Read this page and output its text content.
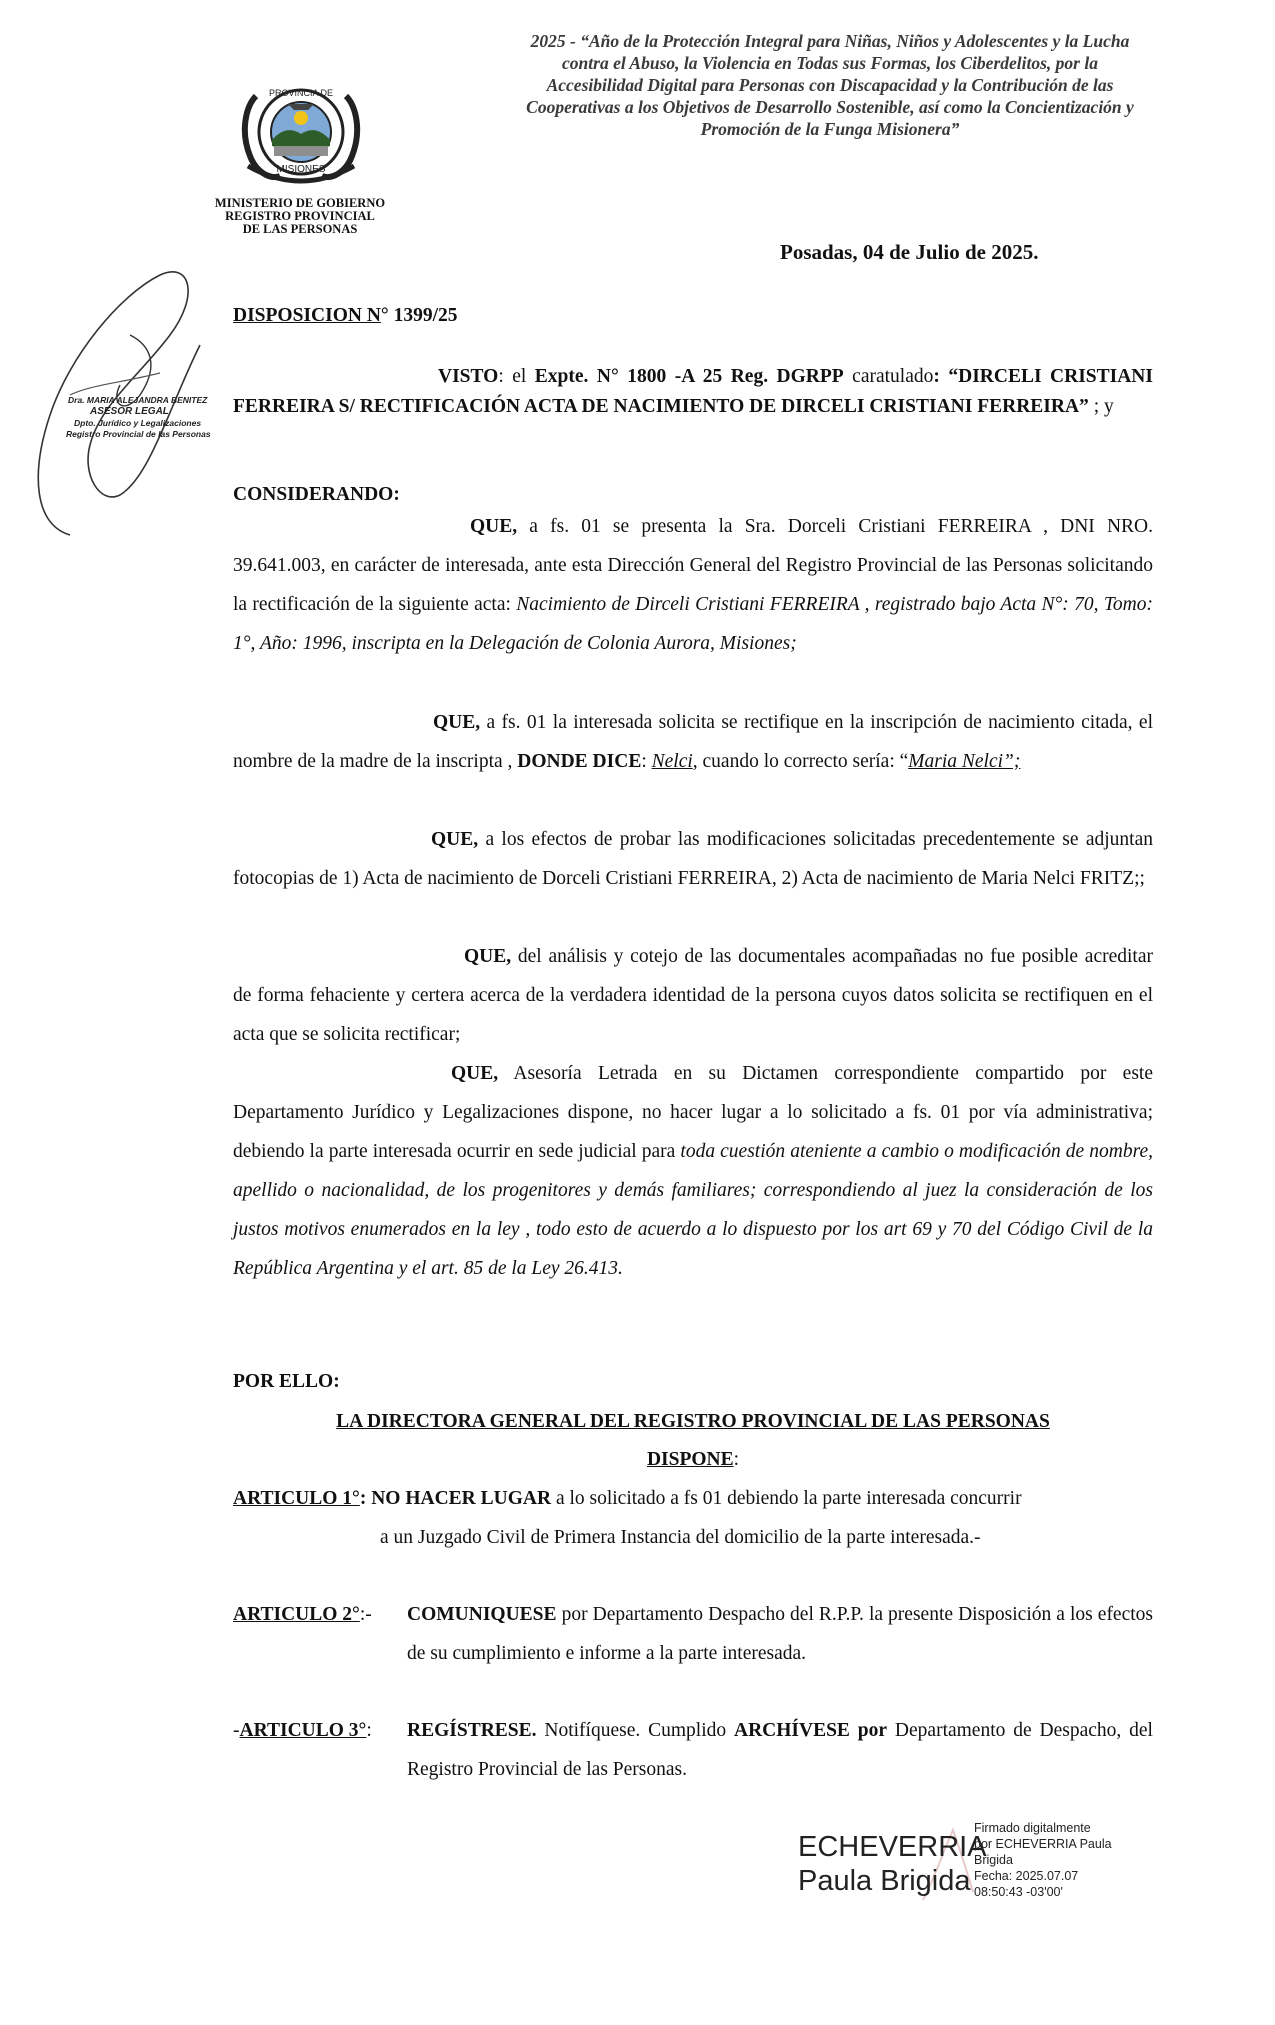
PROVINCIA DE
MISIONES
MINISTERIO DE GOBIERNO
REGISTRO PROVINCIAL
DE LAS PERSONAS
2025 - “Año de la Protección Integral para Niñas, Niños y Adolescentes y la Lucha contra el Abuso, la Violencia en Todas sus Formas, los Ciberdelitos, por la Accesibilidad Digital para Personas con Discapacidad y la Contribución de las Cooperativas a los Objetivos de Desarrollo Sostenible, así como la Concientización y Promoción de la Funga Misionera”
Dra. MARIA ALEJANDRA BENITEZ
ASESOR LEGAL
Dpto. Jurídico y Legalizaciones
Registro Provincial de las Personas
Posadas, 04 de Julio de 2025.
DISPOSICION N° 1399/25
VISTO: el Expte. N° 1800 -A 25 Reg. DGRPP caratulado: “DIRCELI CRISTIANI FERREIRA S/ RECTIFICACIÓN ACTA DE NACIMIENTO DE DIRCELI CRISTIANI FERREIRA” ; y
CONSIDERANDO:
QUE, a fs. 01 se presenta la Sra. Dorceli Cristiani FERREIRA , DNI NRO. 39.641.003, en carácter de interesada, ante esta Dirección General del Registro Provincial de las Personas solicitando la rectificación de la siguiente acta: Nacimiento de Dirceli Cristiani FERREIRA , registrado bajo Acta N°: 70, Tomo: 1°, Año: 1996, inscripta en la Delegación de Colonia Aurora, Misiones;
QUE, a fs. 01 la interesada solicita se rectifique en la inscripción de nacimiento citada, el nombre de la madre de la inscripta , DONDE DICE: Nelci, cuando lo correcto sería: “Maria Nelci”;
QUE, a los efectos de probar las modificaciones solicitadas precedentemente se adjuntan fotocopias de 1) Acta de nacimiento de Dorceli Cristiani FERREIRA, 2) Acta de nacimiento de Maria Nelci FRITZ;;
QUE, del análisis y cotejo de las documentales acompañadas no fue posible acreditar de forma fehaciente y certera acerca de la verdadera identidad de la persona cuyos datos solicita se rectifiquen en el acta que se solicita rectificar;
QUE, Asesoría Letrada en su Dictamen correspondiente compartido por este Departamento Jurídico y Legalizaciones dispone, no hacer lugar a lo solicitado a fs. 01 por vía administrativa; debiendo la parte interesada ocurrir en sede judicial para toda cuestión ateniente a cambio o modificación de nombre, apellido o nacionalidad, de los progenitores y demás familiares; correspondiendo al juez la consideración de los justos motivos enumerados en la ley , todo esto de acuerdo a lo dispuesto por los art 69 y 70 del Código Civil de la República Argentina y el art. 85 de la Ley 26.413.
POR ELLO:
LA DIRECTORA GENERAL DEL REGISTRO PROVINCIAL DE LAS PERSONAS
DISPONE:
ARTICULO 1°: NO HACER LUGAR a lo solicitado a fs 01 debiendo la parte interesada concurrir
a un Juzgado Civil de Primera Instancia del domicilio de la parte interesada.-
ARTICULO 2°:- COMUNIQUESE por Departamento Despacho del R.P.P. la presente Disposición a los efectos de su cumplimiento e informe a la parte interesada.
-ARTICULO 3°: REGÍSTRESE. Notifíquese. Cumplido ARCHÍVESE por Departamento de Despacho, del Registro Provincial de las Personas.
ECHEVERRIA
Paula Brigida
Firmado digitalmente
por ECHEVERRIA Paula
Brigida
Fecha: 2025.07.07
08:50:43 -03'00'
